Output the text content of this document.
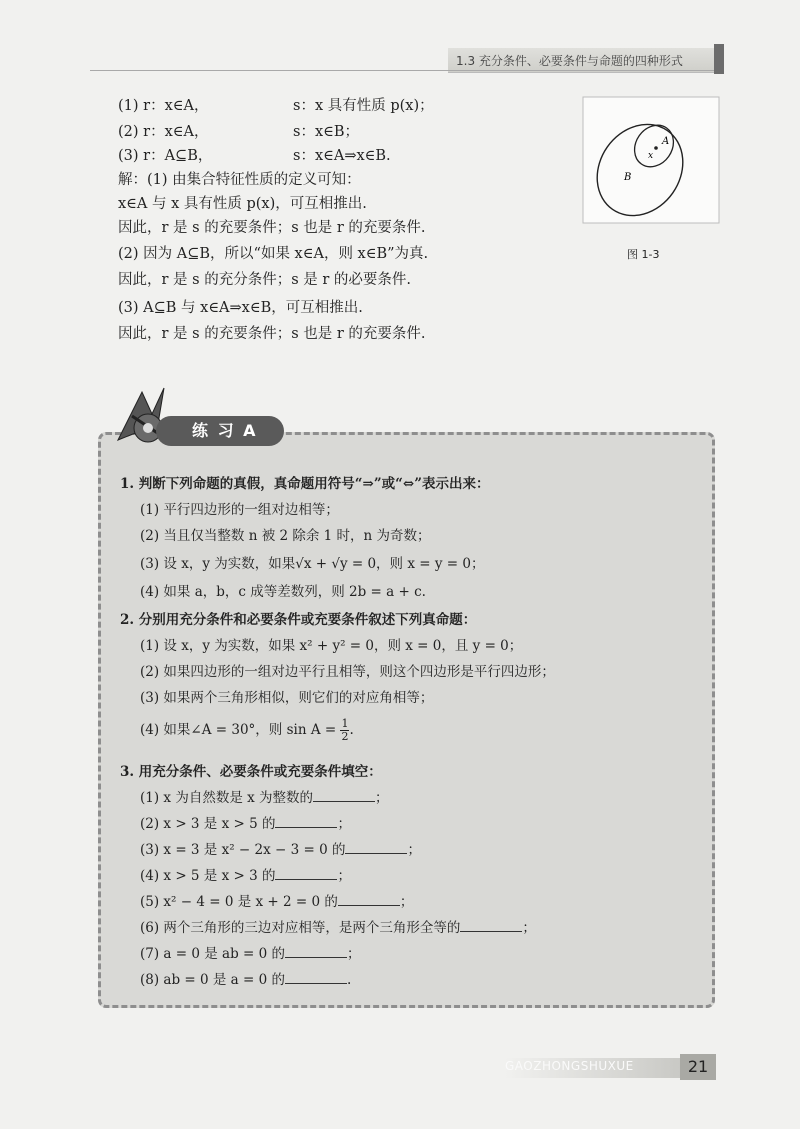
1.3 充分条件、必要条件与命题的四种形式
(1) r：x∈A，	s：x 具有性质 p(x)；
(2) r：x∈A，	s：x∈B；
(3) r：A⊆B，	s：x∈A⇒x∈B.
解：(1) 由集合特征性质的定义可知：
x∈A 与 x 具有性质 p(x)，可互相推出.
因此，r 是 s 的充要条件；s 也是 r 的充要条件.
(2) 因为 A⊆B，所以“如果 x∈A，则 x∈B”为真.
因此，r 是 s 的充分条件；s 是 r 的必要条件.
(3) A⊆B 与 x∈A⇒x∈B，可互相推出.
因此，r 是 s 的充要条件；s 也是 r 的充要条件.
A
x
B
图 1-3
练 习 A
1. 判断下列命题的真假，真命题用符号“⇒”或“⇔”表示出来：
(1) 平行四边形的一组对边相等；
(2) 当且仅当整数 n 被 2 除余 1 时，n 为奇数；
(3) 设 x，y 为实数，如果√x + √y = 0，则 x = y = 0；
(4) 如果 a，b，c 成等差数列，则 2b = a + c.
2. 分别用充分条件和必要条件或充要条件叙述下列真命题：
(1) 设 x，y 为实数，如果 x² + y² = 0，则 x = 0，且 y = 0；
(2) 如果四边形的一组对边平行且相等，则这个四边形是平行四边形；
(3) 如果两个三角形相似，则它们的对应角相等；
(4) 如果∠A = 30°，则 $\sin A = \frac{1}{2}$ .
3. 用充分条件、必要条件或充要条件填空：
(1) x 为自然数是 x 为整数的	；
(2) x > 3 是 x > 5 的	；
(3) x = 3 是 x² − 2x − 3 = 0 的	；
(4) x > 5 是 x > 3 的	；
(5) x² − 4 = 0 是 x + 2 = 0 的	；
(6) 两个三角形的三边对应相等，是两个三角形全等的	；
(7) a = 0 是 ab = 0 的	；
(8) ab = 0 是 a = 0 的	.
GAOZHONGSHUXUE	21
